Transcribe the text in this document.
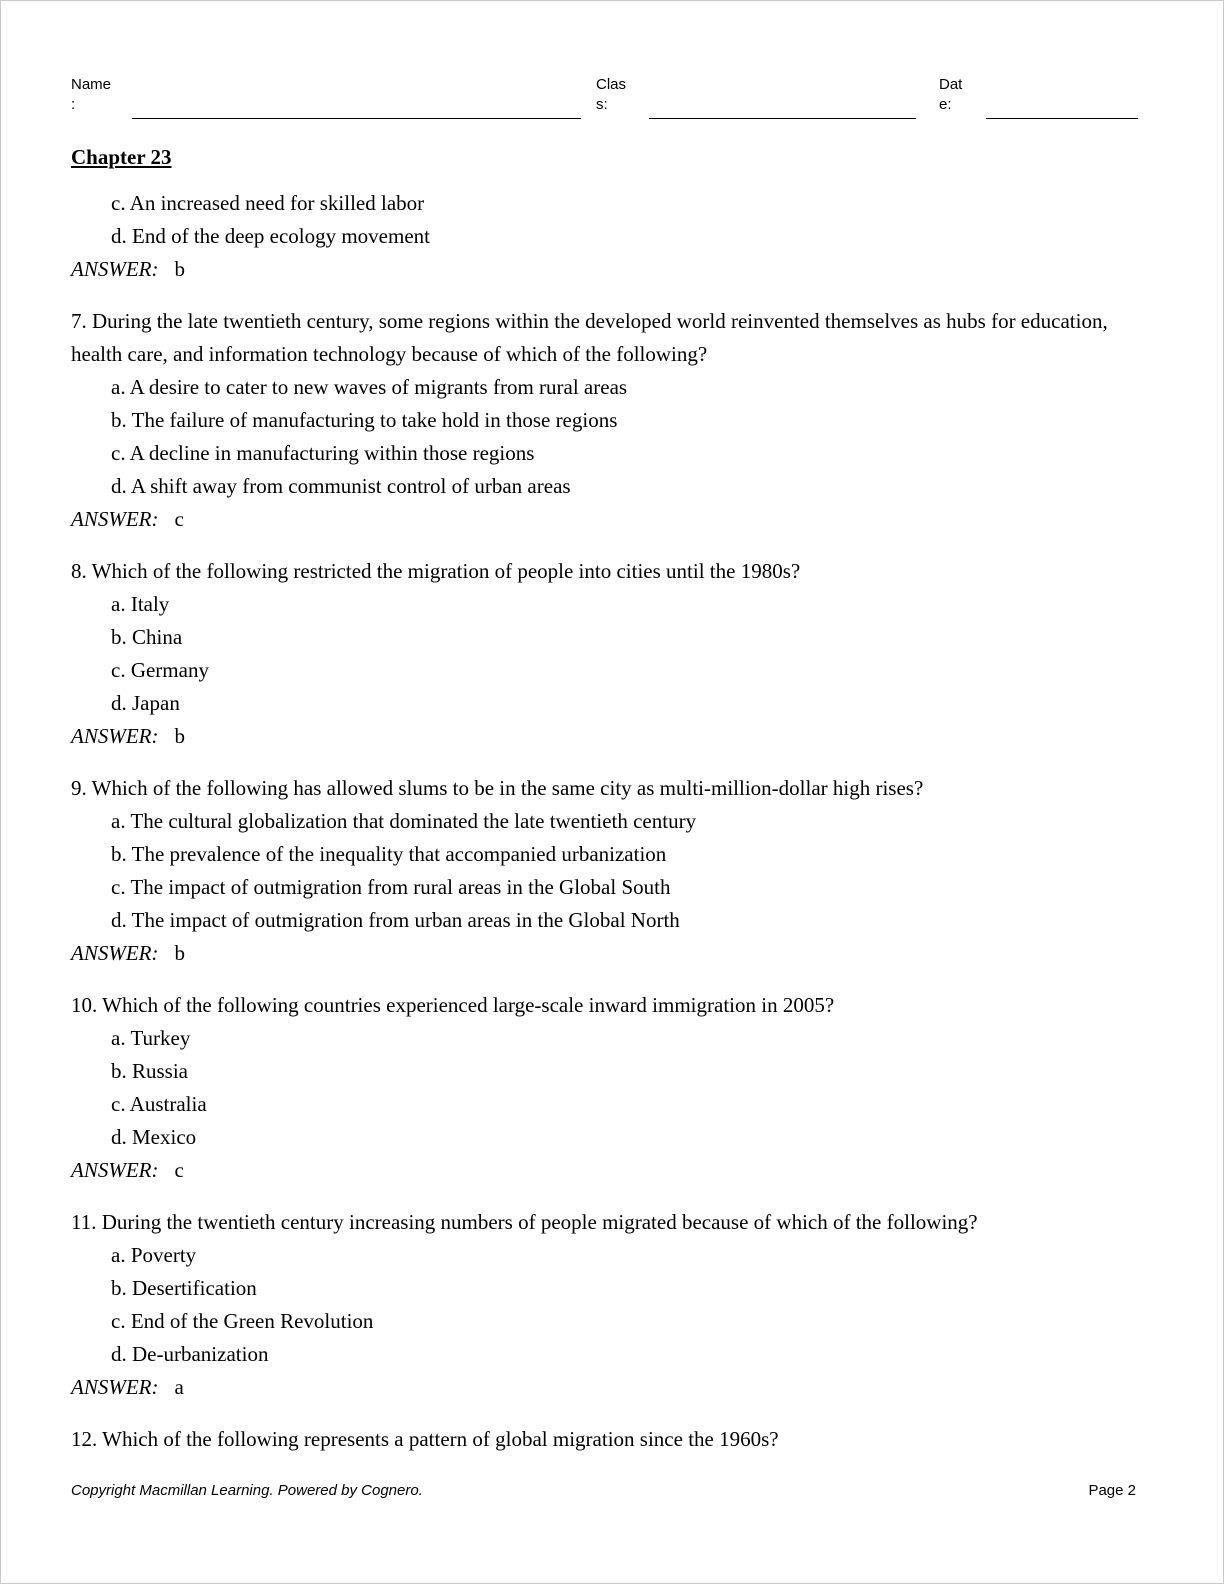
Name
:
Clas
s:
Dat
e:
Chapter 23
c. An increased need for skilled labor
d. End of the deep ecology movement
ANSWER: b
7. During the late twentieth century, some regions within the developed world reinvented themselves as hubs for education, health care, and information technology because of which of the following?
a. A desire to cater to new waves of migrants from rural areas
b. The failure of manufacturing to take hold in those regions
c. A decline in manufacturing within those regions
d. A shift away from communist control of urban areas
ANSWER: c
8. Which of the following restricted the migration of people into cities until the 1980s?
a. Italy
b. China
c. Germany
d. Japan
ANSWER: b
9. Which of the following has allowed slums to be in the same city as multi-million-dollar high rises?
a. The cultural globalization that dominated the late twentieth century
b. The prevalence of the inequality that accompanied urbanization
c. The impact of outmigration from rural areas in the Global South
d. The impact of outmigration from urban areas in the Global North
ANSWER: b
10. Which of the following countries experienced large-scale inward immigration in 2005?
a. Turkey
b. Russia
c. Australia
d. Mexico
ANSWER: c
11. During the twentieth century increasing numbers of people migrated because of which of the following?
a. Poverty
b. Desertification
c. End of the Green Revolution
d. De-urbanization
ANSWER: a
12. Which of the following represents a pattern of global migration since the 1960s?
Copyright Macmillan Learning. Powered by Cognero.	Page 2
